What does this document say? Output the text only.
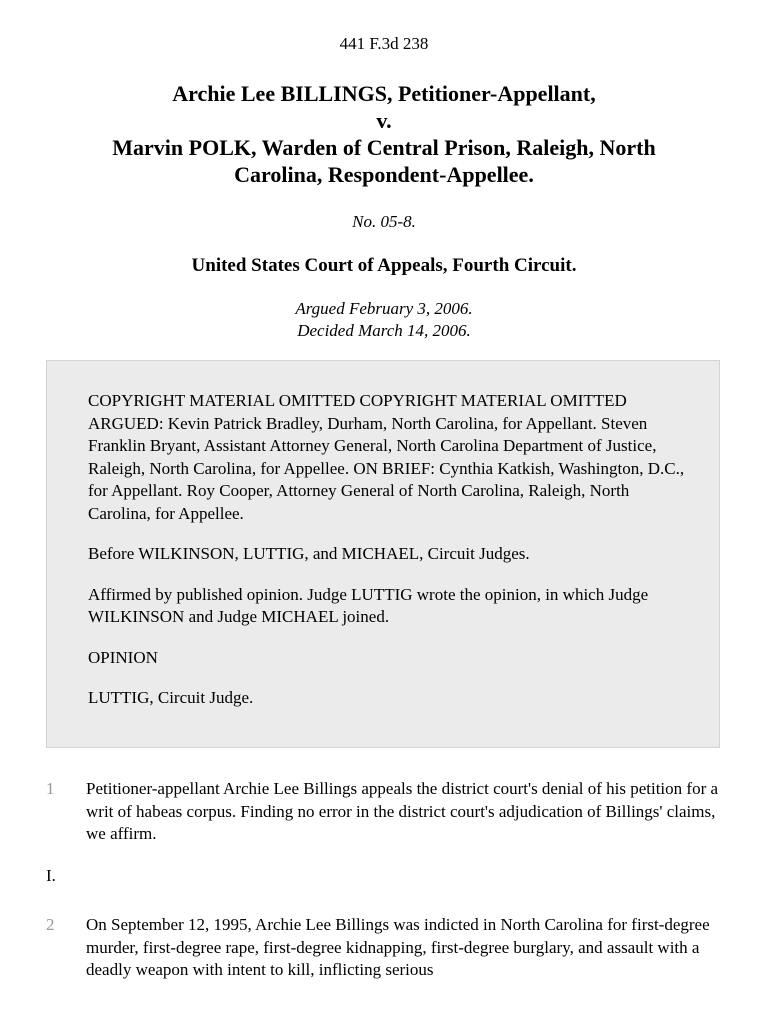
441 F.3d 238
Archie Lee BILLINGS, Petitioner-Appellant,
v.
Marvin POLK, Warden of Central Prison, Raleigh, North
Carolina, Respondent-Appellee.
No. 05-8.
United States Court of Appeals, Fourth Circuit.
Argued February 3, 2006.
Decided March 14, 2006.

COPYRIGHT MATERIAL OMITTED COPYRIGHT MATERIAL OMITTED ARGUED: Kevin Patrick Bradley, Durham, North Carolina, for Appellant. Steven Franklin Bryant, Assistant Attorney General, North Carolina Department of Justice, Raleigh, North Carolina, for Appellee. ON BRIEF: Cynthia Katkish, Washington, D.C., for Appellant. Roy Cooper, Attorney General of North Carolina, Raleigh, North Carolina, for Appellee.

Before WILKINSON, LUTTIG, and MICHAEL, Circuit Judges.

Affirmed by published opinion. Judge LUTTIG wrote the opinion, in which Judge WILKINSON and Judge MICHAEL joined.

OPINION

LUTTIG, Circuit Judge.

1 Petitioner-appellant Archie Lee Billings appeals the district court's denial of his petition for a writ of habeas corpus. Finding no error in the district court's adjudication of Billings' claims, we affirm.
I.
2 On September 12, 1995, Archie Lee Billings was indicted in North Carolina for first-degree murder, first-degree rape, first-degree kidnapping, first-degree burglary, and assault with a deadly weapon with intent to kill, inflicting serious
